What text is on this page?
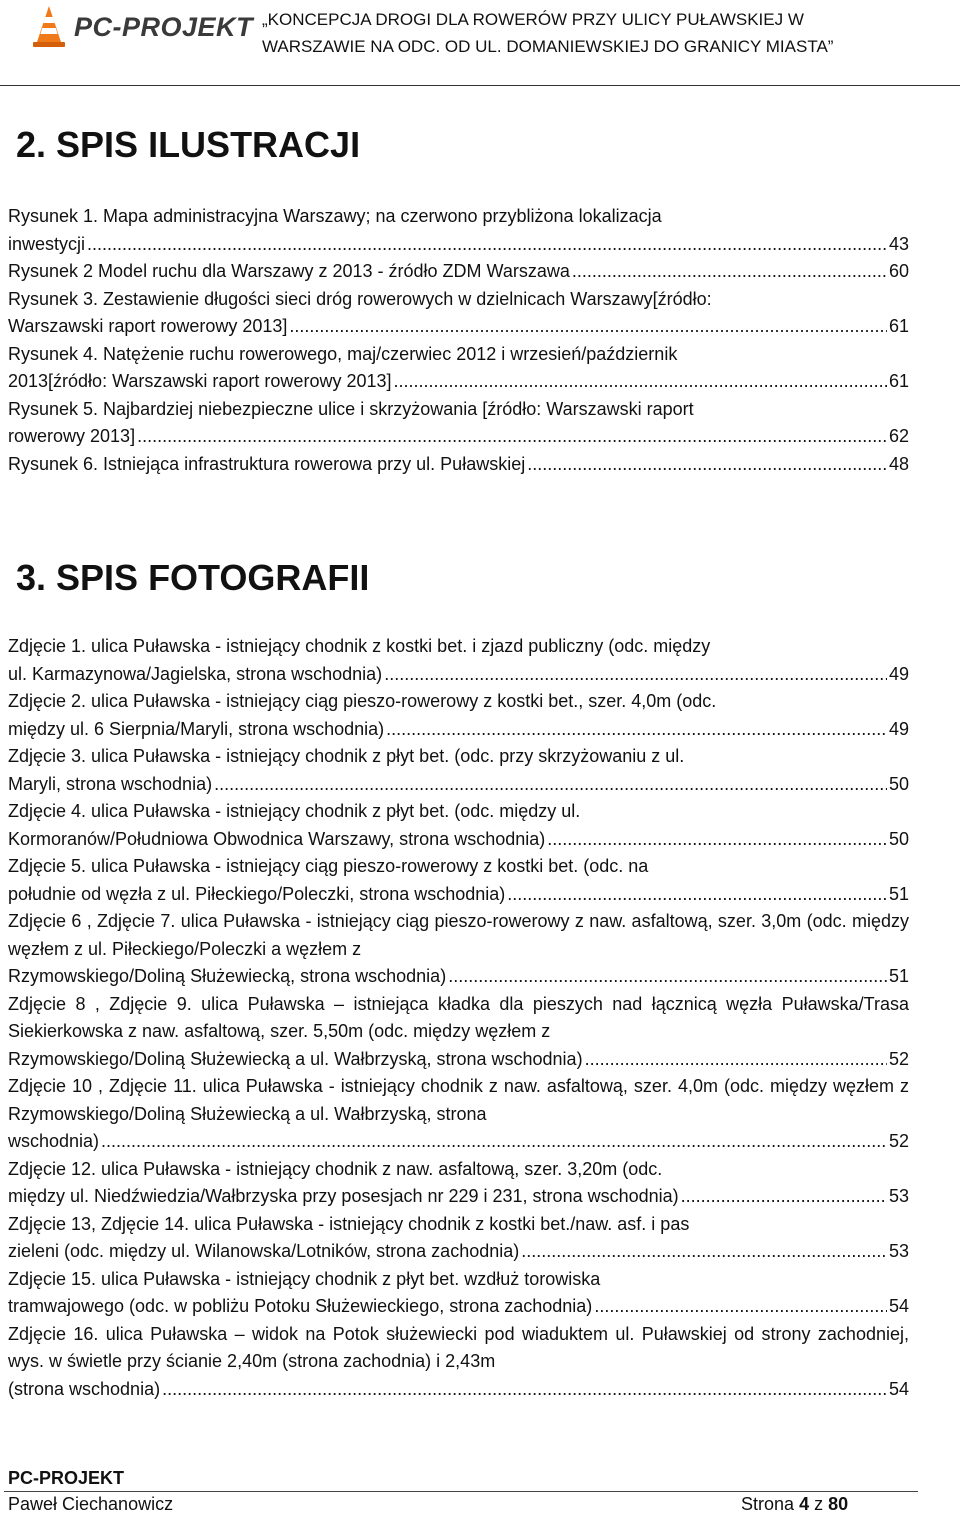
PC-PROJEKT „KONCEPCJA DROGI DLA ROWERÓW PRZY ULICY PUŁAWSKIEJ W WARSZAWIE NA ODC. OD UL. DOMANIEWSKIEJ DO GRANICY MIASTA”
2. SPIS ILUSTRACJI
Rysunek 1. Mapa administracyjna Warszawy; na czerwono przybliżona lokalizacja
inwestycji .....	43
Rysunek 2 Model ruchu dla Warszawy z 2013 - źródło ZDM Warszawa .....	60
Rysunek 3. Zestawienie długości sieci dróg rowerowych w dzielnicach Warszawy[źródło:
Warszawski raport rowerowy 2013] .....	61
Rysunek 4. Natężenie ruchu rowerowego, maj/czerwiec 2012 i wrzesień/październik
2013[źródło: Warszawski raport rowerowy 2013] .....	61
Rysunek 5. Najbardziej niebezpieczne ulice i skrzyżowania [źródło: Warszawski raport
rowerowy 2013] .....	62
Rysunek 6. Istniejąca infrastruktura rowerowa przy ul. Puławskiej .....	48
3. SPIS FOTOGRAFII
Zdjęcie 1. ulica Puławska - istniejący chodnik z kostki bet. i zjazd publiczny (odc. między
ul. Karmazynowa/Jagielska, strona wschodnia) .....	49
Zdjęcie 2. ulica Puławska - istniejący ciąg pieszo-rowerowy z kostki bet., szer. 4,0m (odc.
między ul. 6 Sierpnia/Maryli, strona wschodnia) .....	49
Zdjęcie 3. ulica Puławska - istniejący chodnik z płyt bet. (odc. przy skrzyżowaniu z ul.
Maryli, strona wschodnia) .....	50
Zdjęcie 4. ulica Puławska - istniejący chodnik z płyt bet. (odc. między ul.
Kormoranów/Południowa Obwodnica Warszawy, strona wschodnia) .....	50
Zdjęcie 5. ulica Puławska - istniejący ciąg pieszo-rowerowy z kostki bet. (odc. na
południe od węzła z ul. Piłeckiego/Poleczki, strona wschodnia) .....	51
Zdjęcie 6 , Zdjęcie 7. ulica Puławska - istniejący ciąg pieszo-rowerowy z naw. asfaltową, szer. 3,0m (odc. między węzłem z ul. Piłeckiego/Poleczki a węzłem z
Rzymowskiego/Doliną Służewiecką, strona wschodnia) .....	51
Zdjęcie 8 , Zdjęcie 9. ulica Puławska – istniejąca kładka dla pieszych nad łącznicą węzła Puławska/Trasa Siekierkowska z naw. asfaltową, szer. 5,50m (odc. między węzłem z
Rzymowskiego/Doliną Służewiecką a ul. Wałbrzyską, strona wschodnia) .....	52
Zdjęcie 10 , Zdjęcie 11. ulica Puławska - istniejący chodnik z naw. asfaltową, szer. 4,0m (odc. między węzłem z Rzymowskiego/Doliną Służewiecką a ul. Wałbrzyską, strona
wschodnia) .....	52
Zdjęcie 12. ulica Puławska - istniejący chodnik z naw. asfaltową, szer. 3,20m (odc.
między ul. Niedźwiedzia/Wałbrzyska przy posesjach nr 229 i 231, strona wschodnia) .....	53
Zdjęcie 13, Zdjęcie 14. ulica Puławska - istniejący chodnik z kostki bet./naw. asf. i pas
zieleni (odc. między ul. Wilanowska/Lotników, strona zachodnia) .....	53
Zdjęcie 15. ulica Puławska - istniejący chodnik z płyt bet. wzdłuż torowiska
tramwajowego (odc. w pobliżu Potoku Służewieckiego, strona zachodnia) .....	54
Zdjęcie 16. ulica Puławska – widok na Potok służewiecki pod wiaduktem ul. Puławskiej od strony zachodniej, wys. w świetle przy ścianie 2,40m (strona zachodnia) i 2,43m
(strona wschodnia) .....	54
PC-PROJEKT
Paweł Ciechanowicz	Strona 4 z 80
